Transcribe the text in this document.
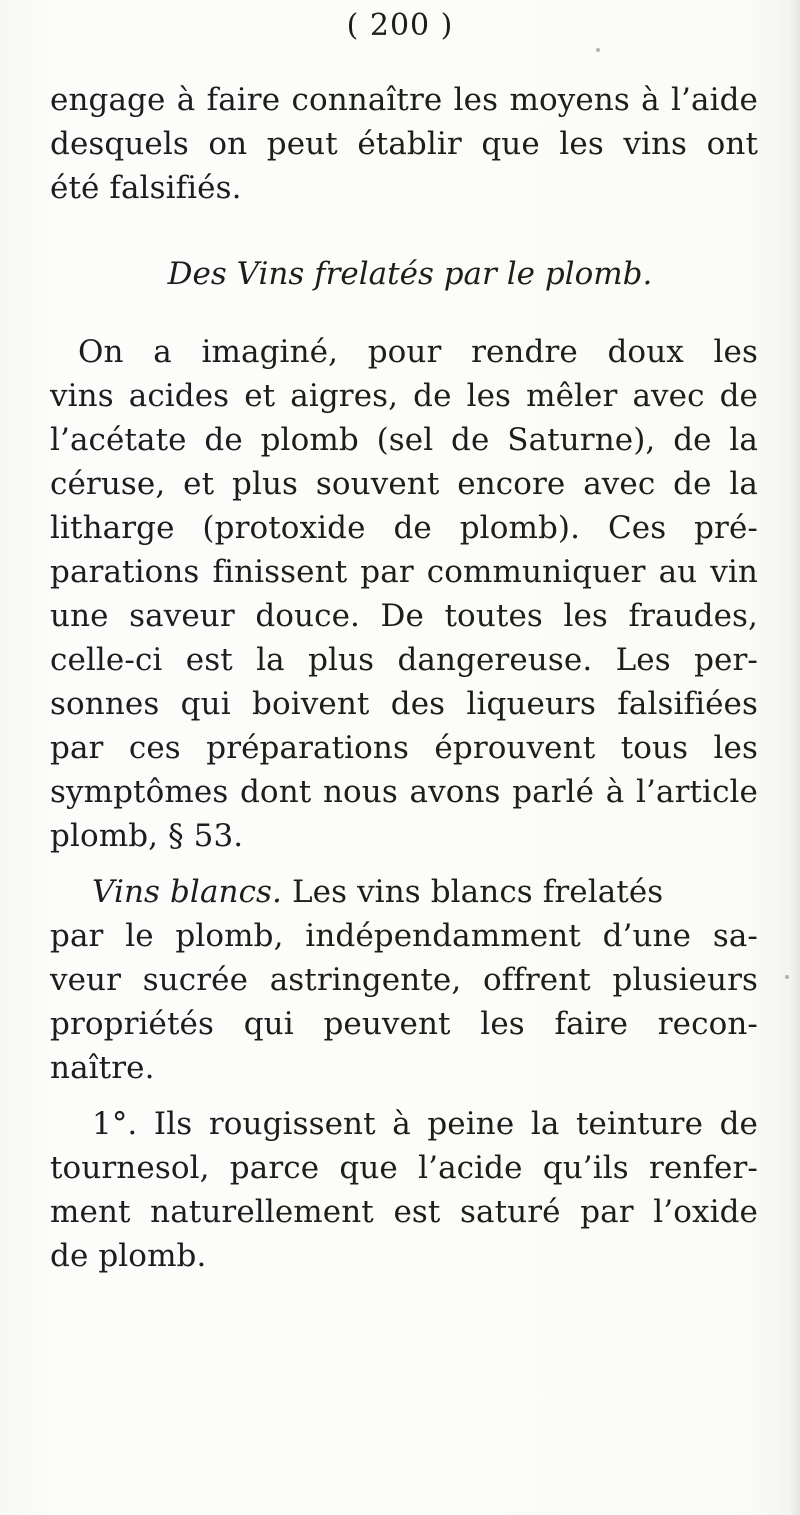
( 200 )
engage à faire connaître les moyens à l’aide
desquels on peut établir que les vins ont
été falsifiés.
Des Vins frelatés par le plomb.
On a imaginé, pour rendre doux les
vins acides et aigres, de les mêler avec de
l’acétate de plomb (sel de Saturne), de la
céruse, et plus souvent encore avec de la
litharge (protoxide de plomb). Ces pré-
parations finissent par communiquer au vin
une saveur douce. De toutes les fraudes,
celle-ci est la plus dangereuse. Les per-
sonnes qui boivent des liqueurs falsifiées
par ces préparations éprouvent tous les
symptômes dont nous avons parlé à l’article
plomb, § 53.
Vins blancs. Les vins blancs frelatés
par le plomb, indépendamment d’une sa-
veur sucrée astringente, offrent plusieurs
propriétés qui peuvent les faire recon-
naître.
1°. Ils rougissent à peine la teinture de
tournesol, parce que l’acide qu’ils renfer-
ment naturellement est saturé par l’oxide
de plomb.
